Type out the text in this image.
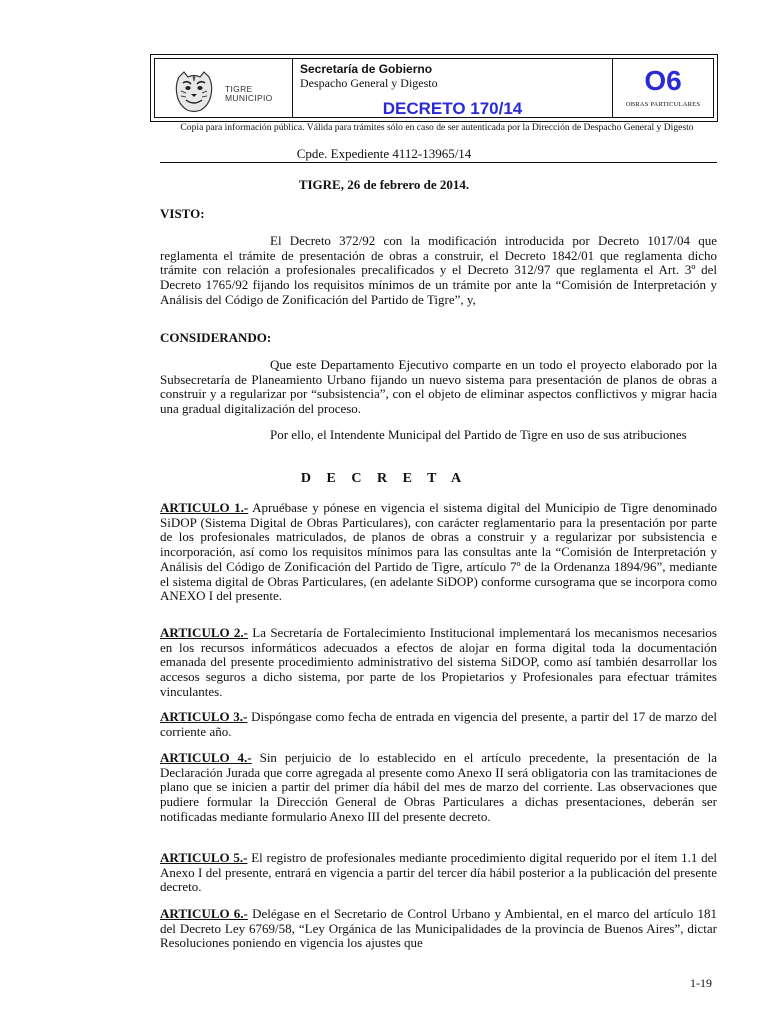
TIGRE
MUNICIPIO
Secretaría de Gobierno
Despacho General y Digesto
DECRETO 170/14
O6
OBRAS PARTICULARES
Copia para información pública. Válida para trámites sólo en caso de ser autenticada por la Dirección de Despacho General y Digesto
Cpde. Expediente 4112-13965/14
TIGRE, 26 de febrero de 2014.
VISTO:
El Decreto 372/92 con la modificación introducida por Decreto 1017/04 que reglamenta el trámite de presentación de obras a construir, el Decreto 1842/01 que reglamenta dicho trámite con relación a profesionales precalificados y el Decreto 312/97 que reglamenta el Art. 3º del Decreto 1765/92 fijando los requisitos mínimos de un trámite por ante la “Comisión de Interpretación y Análisis del Código de Zonificación del Partido de Tigre”, y,
CONSIDERANDO:
Que este Departamento Ejecutivo comparte en un todo el proyecto elaborado por la Subsecretaría de Planeamiento Urbano fijando un nuevo sistema para presentación de planos de obras a construir y a regularizar por “subsistencia”, con el objeto de eliminar aspectos conflictivos y migrar hacia una gradual digitalización del proceso.
Por ello, el Intendente Municipal del Partido de Tigre en uso de sus atribuciones
D E C R E T A
ARTICULO 1.- Apruébase y pónese en vigencia el sistema digital del Municipio de Tigre denominado SiDOP (Sistema Digital de Obras Particulares), con carácter reglamentario para la presentación por parte de los profesionales matriculados, de planos de obras a construir y a regularizar por subsistencia e incorporación, así como los requisitos mínimos para las consultas ante la “Comisión de Interpretación y Análisis del Código de Zonificación del Partido de Tigre, artículo 7º de la Ordenanza 1894/96”, mediante el sistema digital de Obras Particulares, (en adelante SiDOP) conforme cursograma que se incorpora como ANEXO I del presente.
ARTICULO 2.- La Secretaría de Fortalecimiento Institucional implementará los mecanismos necesarios en los recursos informáticos adecuados a efectos de alojar en forma digital toda la documentación emanada del presente procedimiento administrativo del sistema SiDOP, como así también desarrollar los accesos seguros a dicho sistema, por parte de los Propietarios y Profesionales para efectuar trámites vinculantes.
ARTICULO 3.- Dispóngase como fecha de entrada en vigencia del presente, a partir del 17 de marzo del corriente año.
ARTICULO 4.- Sin perjuicio de lo establecido en el artículo precedente, la presentación de la Declaración Jurada que corre agregada al presente como Anexo II será obligatoria con las tramitaciones de plano que se inicien a partir del primer día hábil del mes de marzo del corriente. Las observaciones que pudiere formular la Dirección General de Obras Particulares a dichas presentaciones, deberán ser notificadas mediante formulario Anexo III del presente decreto.
ARTICULO 5.- El registro de profesionales mediante procedimiento digital requerido por el ítem 1.1 del Anexo I del presente, entrará en vigencia a partir del tercer día hábil posterior a la publicación del presente decreto.
ARTICULO 6.- Delégase en el Secretario de Control Urbano y Ambiental, en el marco del artículo 181 del Decreto Ley 6769/58, “Ley Orgánica de las Municipalidades de la provincia de Buenos Aires”, dictar Resoluciones poniendo en vigencia los ajustes que
1-19
